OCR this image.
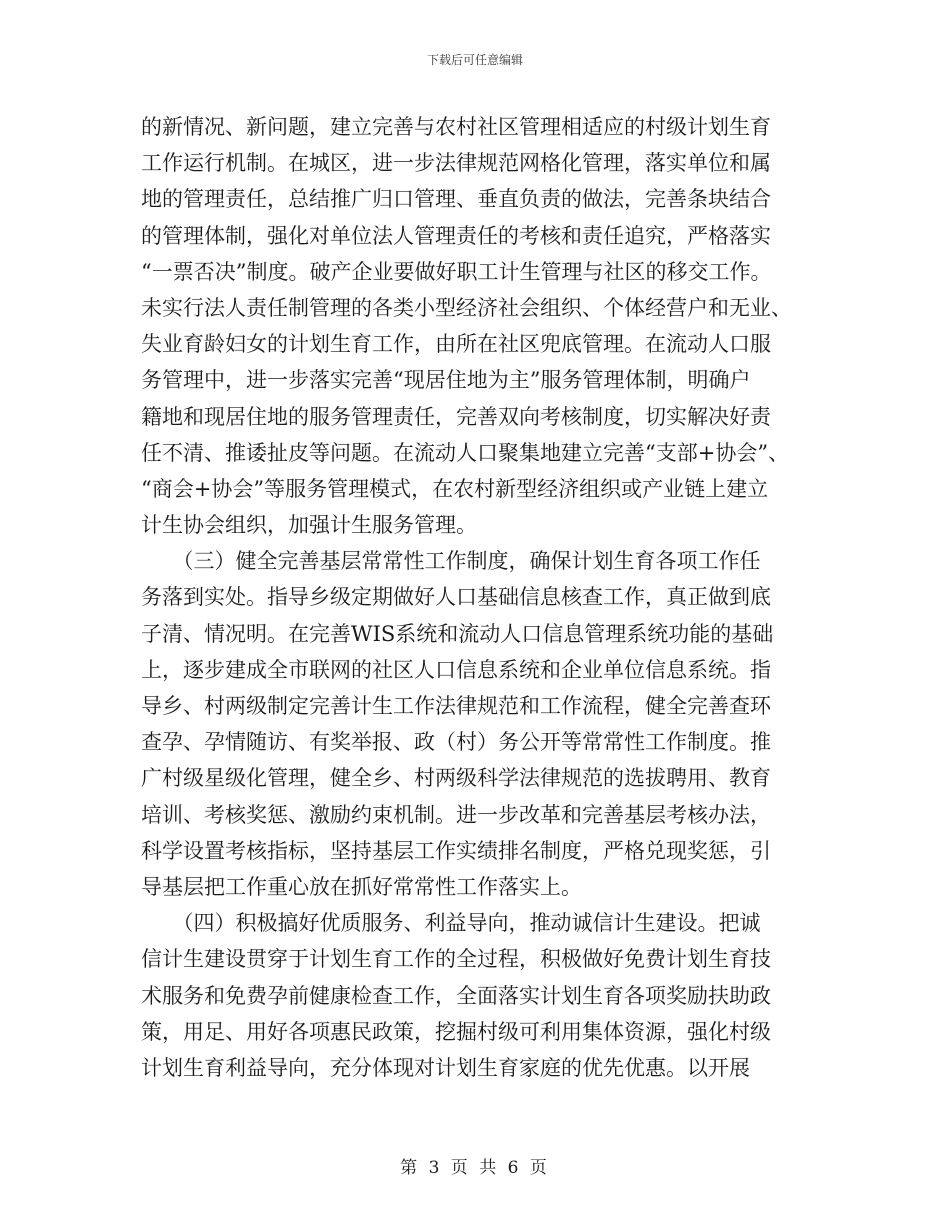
下载后可任意编辑
的新情况、新问题，建立完善与农村社区管理相适应的村级计划生育
工作运行机制。在城区，进一步法律规范网格化管理，落实单位和属
地的管理责任，总结推广归口管理、垂直负责的做法，完善条块结合
的管理体制，强化对单位法人管理责任的考核和责任追究，严格落实
“一票否决”制度。破产企业要做好职工计生管理与社区的移交工作。
未实行法人责任制管理的各类小型经济社会组织、个体经营户和无业、
失业育龄妇女的计划生育工作，由所在社区兜底管理。在流动人口服
务管理中，进一步落实完善“现居住地为主”服务管理体制，明确户
籍地和现居住地的服务管理责任，完善双向考核制度，切实解决好责
任不清、推诿扯皮等问题。在流动人口聚集地建立完善“支部+协会”、
“商会+协会”等服务管理模式，在农村新型经济组织或产业链上建立
计生协会组织，加强计生服务管理。
　　（三）健全完善基层常常性工作制度，确保计划生育各项工作任
务落到实处。指导乡级定期做好人口基础信息核查工作，真正做到底
子清、情况明。在完善WIS系统和流动人口信息管理系统功能的基础
上，逐步建成全市联网的社区人口信息系统和企业单位信息系统。指
导乡、村两级制定完善计生工作法律规范和工作流程，健全完善查环
查孕、孕情随访、有奖举报、政（村）务公开等常常性工作制度。推
广村级星级化管理，健全乡、村两级科学法律规范的选拔聘用、教育
培训、考核奖惩、激励约束机制。进一步改革和完善基层考核办法，
科学设置考核指标，坚持基层工作实绩排名制度，严格兑现奖惩，引
导基层把工作重心放在抓好常常性工作落实上。
　　（四）积极搞好优质服务、利益导向，推动诚信计生建设。把诚
信计生建设贯穿于计划生育工作的全过程，积极做好免费计划生育技
术服务和免费孕前健康检查工作，全面落实计划生育各项奖励扶助政
策，用足、用好各项惠民政策，挖掘村级可利用集体资源，强化村级
计划生育利益导向，充分体现对计划生育家庭的优先优惠。以开展
第 3 页 共 6 页
